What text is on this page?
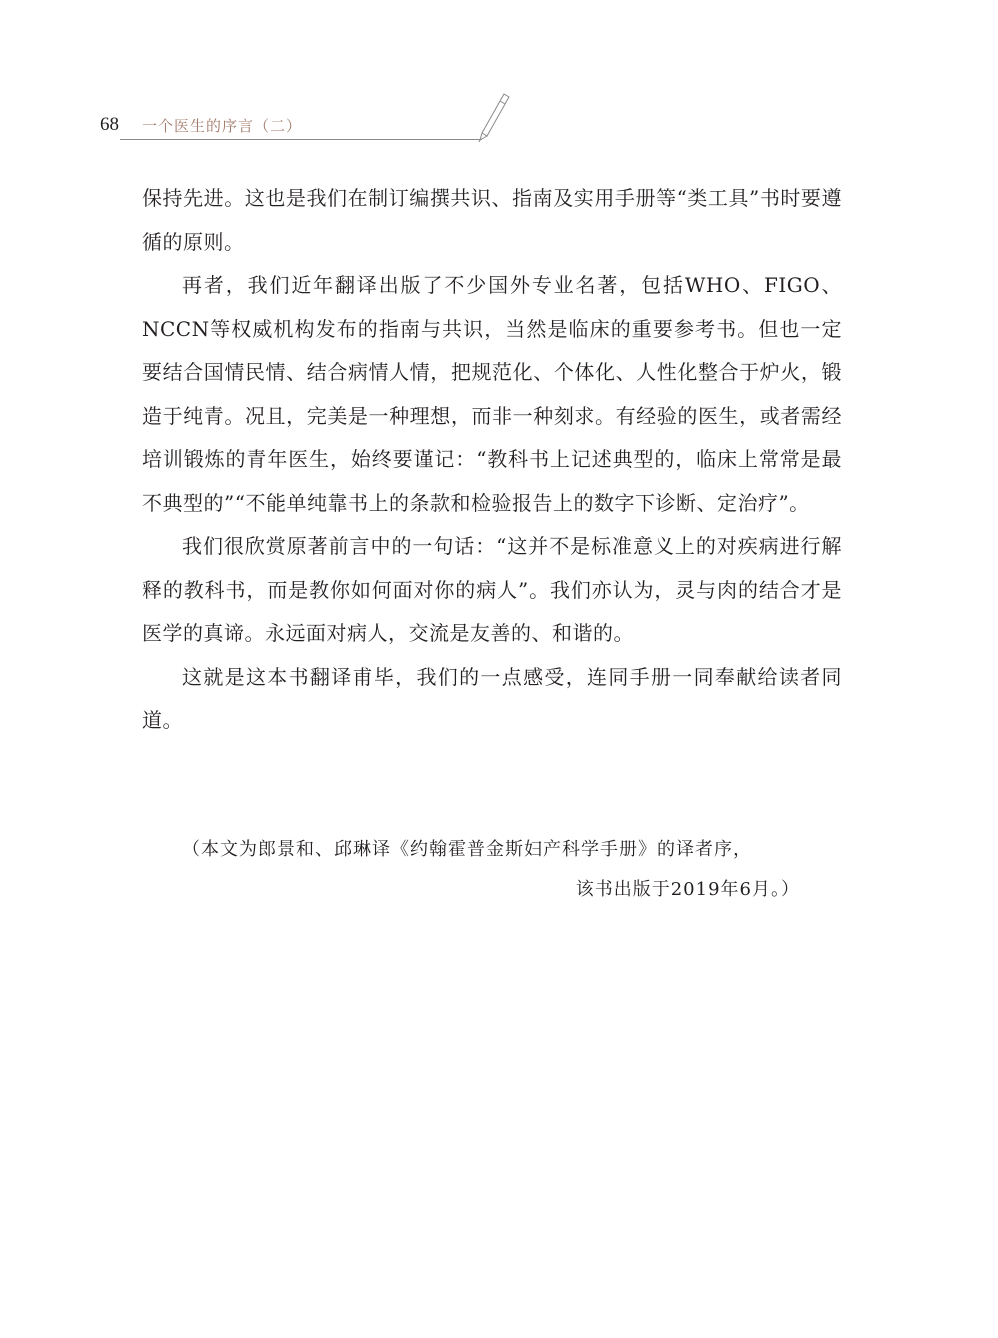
68 一个医生的序言（二）

保持先进。这也是我们在制订编撰共识、指南及实用手册等“类工具”书时要遵循的原则。

再者，我们近年翻译出版了不少国外专业名著，包括WHO、FIGO、NCCN等权威机构发布的指南与共识，当然是临床的重要参考书。但也一定要结合国情民情、结合病情人情，把规范化、个体化、人性化整合于炉火，锻造于纯青。况且，完美是一种理想，而非一种刻求。有经验的医生，或者需经培训锻炼的青年医生，始终要谨记：“教科书上记述典型的，临床上常常是最不典型的”“不能单纯靠书上的条款和检验报告上的数字下诊断、定治疗”。

我们很欣赏原著前言中的一句话：“这并不是标准意义上的对疾病进行解释的教科书，而是教你如何面对你的病人”。我们亦认为，灵与肉的结合才是医学的真谛。永远面对病人，交流是友善的、和谐的。

这就是这本书翻译甫毕，我们的一点感受，连同手册一同奉献给读者同道。

（本文为郎景和、邱琳译《约翰霍普金斯妇产科学手册》的译者序，
该书出版于2019年6月。）
